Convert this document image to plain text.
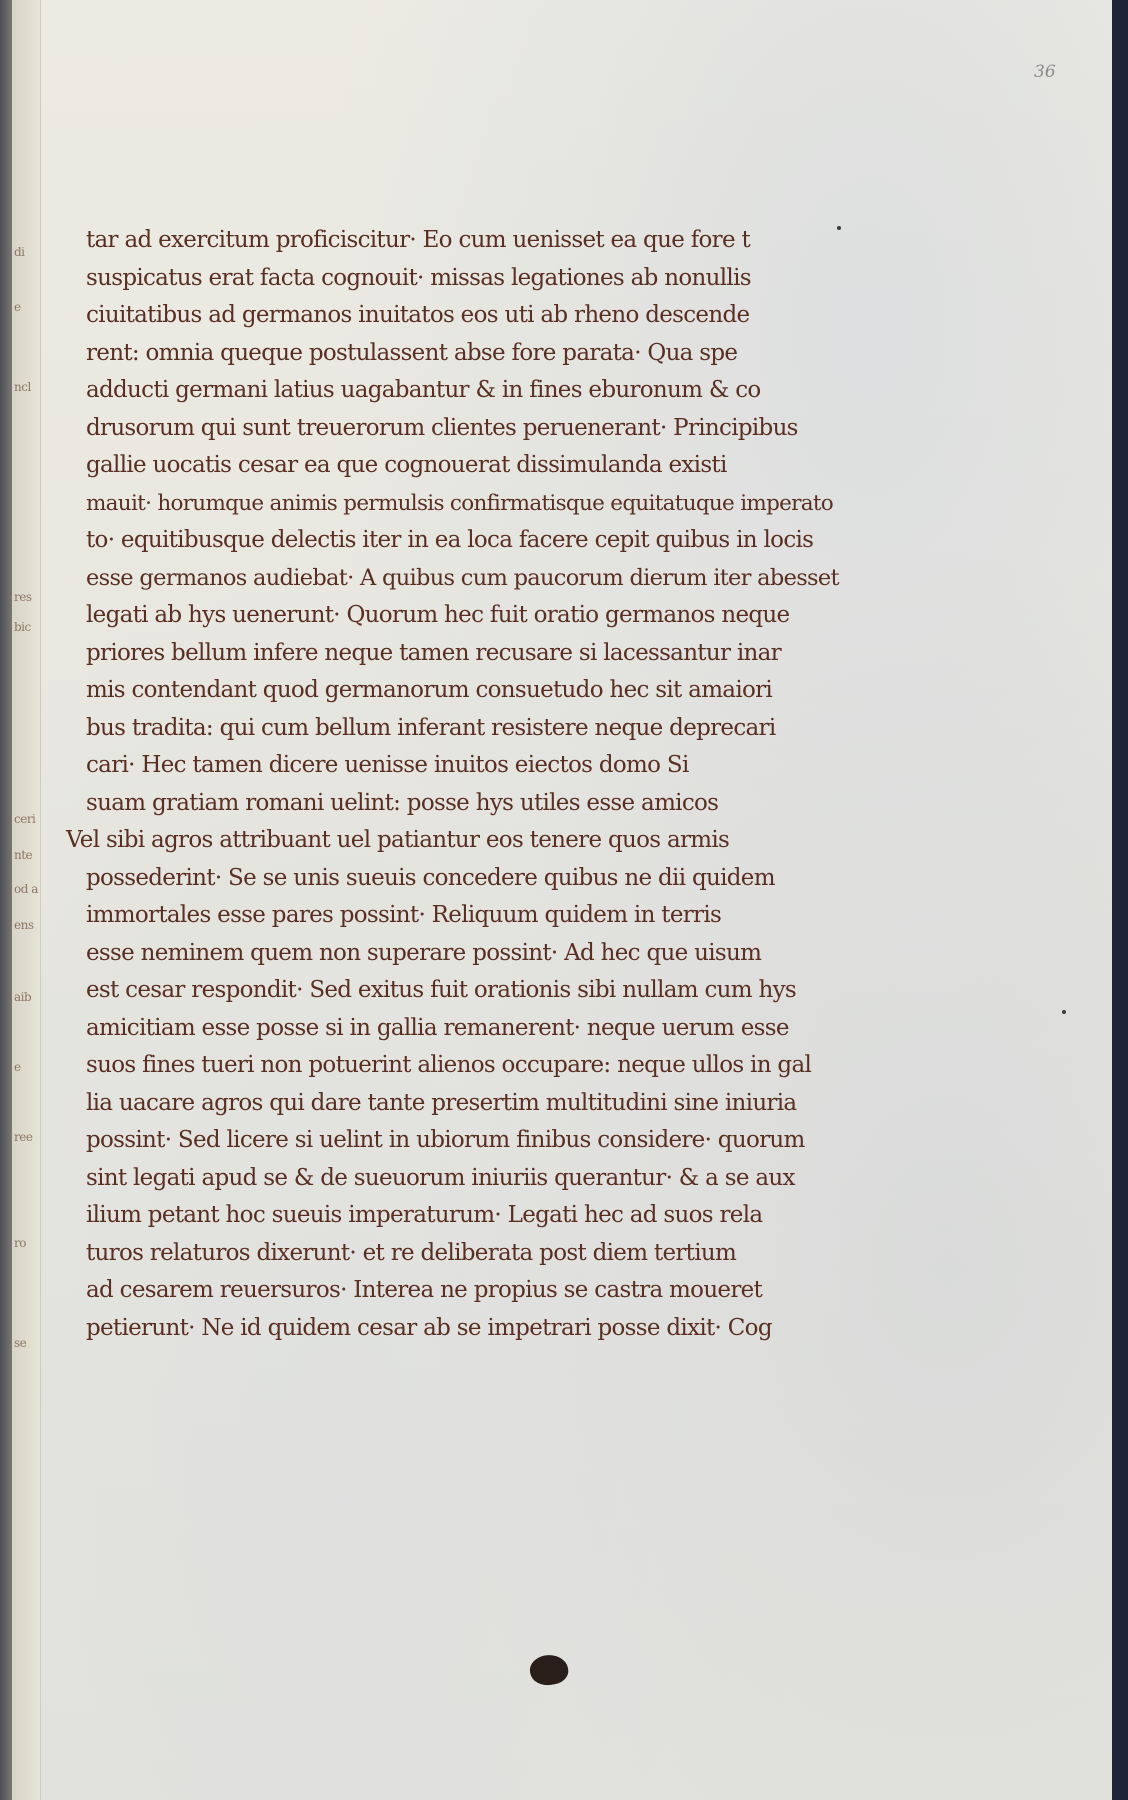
di
e
ncl
res
bic
ceri
nte
od a
ens
aib
e
ree
ro
se
36
tar ad exercitum proficiscitur· Eo cum uenisset ea que fore t
suspicatus erat facta cognouit· missas legationes ab nonullis
ciuitatibus ad germanos inuitatos eos uti ab rheno descende
rent: omnia queque postulassent abse fore parata· Qua spe
adducti germani latius uagabantur & in fines eburonum & co
drusorum qui sunt treuerorum clientes peruenerant· Principibus
gallie uocatis cesar ea que cognouerat dissimulanda existi
mauit· horumque animis permulsis confirmatisque equitatuque imperato
to· equitibusque delectis iter in ea loca facere cepit quibus in locis
esse germanos audiebat· A quibus cum paucorum dierum iter abesset
legati ab hys uenerunt· Quorum hec fuit oratio germanos neque
priores bellum infere neque tamen recusare si lacessantur inar
mis contendant quod germanorum consuetudo hec sit amaiori
bus tradita: qui cum bellum inferant resistere neque deprecari
cari· Hec tamen dicere uenisse inuitos eiectos domo Si
suam gratiam romani uelint: posse hys utiles esse amicos
Vel sibi agros attribuant uel patiantur eos tenere quos armis
possederint· Se se unis sueuis concedere quibus ne dii quidem
immortales esse pares possint· Reliquum quidem in terris
esse neminem quem non superare possint· Ad hec que uisum
est cesar respondit· Sed exitus fuit orationis sibi nullam cum hys
amicitiam esse posse si in gallia remanerent· neque uerum esse
suos fines tueri non potuerint alienos occupare: neque ullos in gal
lia uacare agros qui dare tante presertim multitudini sine iniuria
possint· Sed licere si uelint in ubiorum finibus considere· quorum
sint legati apud se & de sueuorum iniuriis querantur· & a se aux
ilium petant hoc sueuis imperaturum· Legati hec ad suos rela
turos relaturos dixerunt· et re deliberata post diem tertium
ad cesarem reuersuros· Interea ne propius se castra moueret
petierunt· Ne id quidem cesar ab se impetrari posse dixit· Cog
